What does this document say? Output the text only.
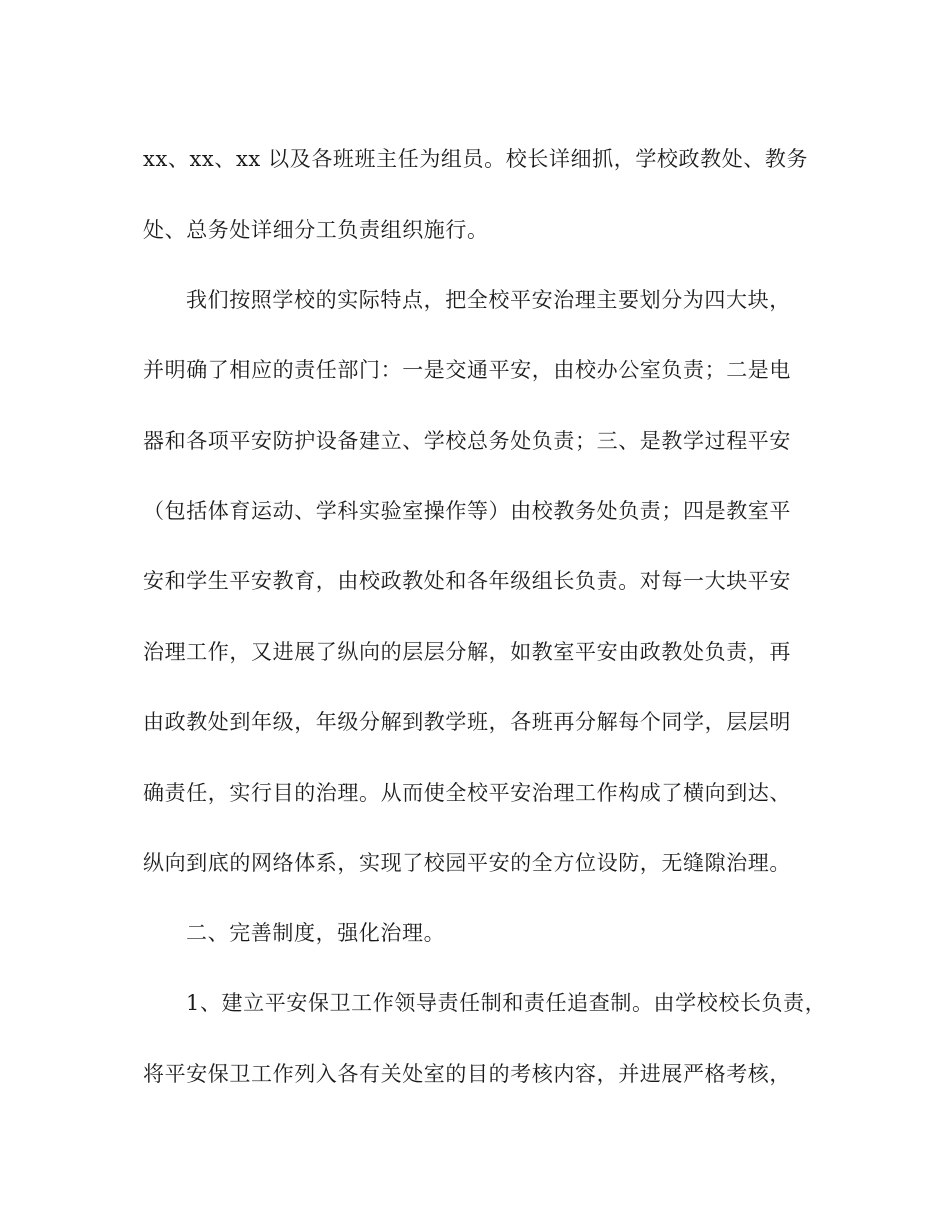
xx、xx、xx 以及各班班主任为组员。校长详细抓，学校政教处、教务
处、总务处详细分工负责组织施行。
我们按照学校的实际特点，把全校平安治理主要划分为四大块，
并明确了相应的责任部门：一是交通平安，由校办公室负责；二是电
器和各项平安防护设备建立、学校总务处负责；三、是教学过程平安
（包括体育运动、学科实验室操作等）由校教务处负责；四是教室平
安和学生平安教育，由校政教处和各年级组长负责。对每一大块平安
治理工作，又进展了纵向的层层分解，如教室平安由政教处负责，再
由政教处到年级，年级分解到教学班，各班再分解每个同学，层层明
确责任，实行目的治理。从而使全校平安治理工作构成了横向到达、
纵向到底的网络体系，实现了校园平安的全方位设防，无缝隙治理。
二、完善制度，强化治理。
1、建立平安保卫工作领导责任制和责任追查制。由学校校长负责，
将平安保卫工作列入各有关处室的目的考核内容，并进展严格考核，
